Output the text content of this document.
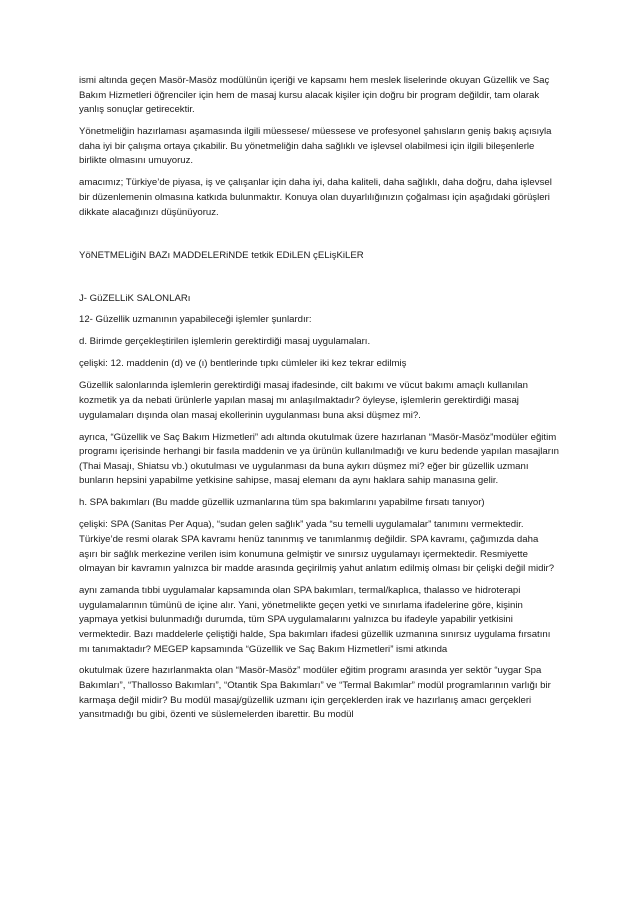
ismi altında geçen Masör-Masöz modülünün içeriği ve kapsamı hem meslek liselerinde okuyan Güzellik ve Saç Bakım Hizmetleri öğrenciler için hem de masaj kursu alacak kişiler için doğru bir program değildir, tam olarak yanlış sonuçlar getirecektir.

Yönetmeliğin hazırlaması aşamasında ilgili müessese/ müessese ve profesyonel şahısların geniş bakış açısıyla daha iyi bir çalışma ortaya çıkabilir. Bu yönetmeliğin daha sağlıklı ve işlevsel olabilmesi için ilgili bileşenlerle birlikte olmasını umuyoruz.

amacımız; Türkiye’de piyasa, iş ve çalışanlar için daha iyi, daha kaliteli, daha sağlıklı, daha doğru, daha işlevsel bir düzenlemenin olmasına katkıda bulunmaktır. Konuya olan duyarlılığınızın çoğalması için aşağıdaki görüşleri dikkate alacağınızı düşünüyoruz.

YöNETMELiğiN BAZı MADDELERiNDE tetkik EDiLEN çELişKiLER

J- GüZELLiK SALONLARı

12- Güzellik uzmanının yapabileceği işlemler şunlardır:

d. Birimde gerçekleştirilen işlemlerin gerektirdiği masaj uygulamaları.

çelişki: 12. maddenin (d) ve (ı) bentlerinde tıpkı cümleler iki kez tekrar edilmiş

Güzellik salonlarında işlemlerin gerektirdiği masaj ifadesinde, cilt bakımı ve vücut bakımı amaçlı kullanılan kozmetik ya da nebati ürünlerle yapılan masaj mı anlaşılmaktadır? öyleyse, işlemlerin gerektirdiği masaj uygulamaları dışında olan masaj ekollerinin uygulanması buna aksi düşmez mi?.

ayrıca, “Güzellik ve Saç Bakım Hizmetleri” adı altında okutulmak üzere hazırlanan “Masör-Masöz”modüler eğitim programı içerisinde herhangi bir fasıla maddenin ve ya ürünün kullanılmadığı ve kuru bedende yapılan masajların (Thai Masajı, Shiatsu vb.) okutulması ve uygulanması da buna aykırı düşmez mi? eğer bir güzellik uzmanı bunların hepsini yapabilme yetkisine sahipse, masaj elemanı da aynı haklara sahip manasına gelir.

h. SPA bakımları (Bu madde güzellik uzmanlarına tüm spa bakımlarını yapabilme fırsatı tanıyor)

çelişki: SPA (Sanitas Per Aqua), “sudan gelen sağlık” yada “su temelli uygulamalar” tanımını vermektedir. Türkiye’de resmi olarak SPA kavramı henüz tanınmış ve tanımlanmış değildir. SPA kavramı, çağımızda daha aşırı bir sağlık merkezine verilen isim konumuna gelmiştir ve sınırsız uygulamayı içermektedir. Resmiyette olmayan bir kavramın yalnızca bir madde arasında geçirilmiş yahut anlatım edilmiş olması bir çelişki değil midir?

aynı zamanda tıbbi uygulamalar kapsamında olan SPA bakımları, termal/kaplıca, thalasso ve hidroterapi uygulamalarının tümünü de içine alır. Yani, yönetmelikte geçen yetki ve sınırlama ifadelerine göre, kişinin yapmaya yetkisi bulunmadığı durumda, tüm SPA uygulamalarını yalnızca bu ifadeyle yapabilir yetkisini vermektedir. Bazı maddelerle çeliştiği halde, Spa bakımları ifadesi güzellik uzmanına sınırsız uygulama fırsatını mı tanımaktadır? MEGEP kapsamında “Güzellik ve Saç Bakım Hizmetleri” ismi atkında

okutulmak üzere hazırlanmakta olan “Masör-Masöz” modüler eğitim programı arasında yer sektör “uygar Spa Bakımları”, “Thallosso Bakımları”, “Otantik Spa Bakımları” ve “Termal Bakımlar” modül programlarının varlığı bir karmaşa değil midir? Bu modül masaj/güzellik uzmanı için gerçeklerden irak ve hazırlanış amacı gerçekleri yansıtmadığı bu gibi, özenti ve süslemelerden ibarettir. Bu modül
